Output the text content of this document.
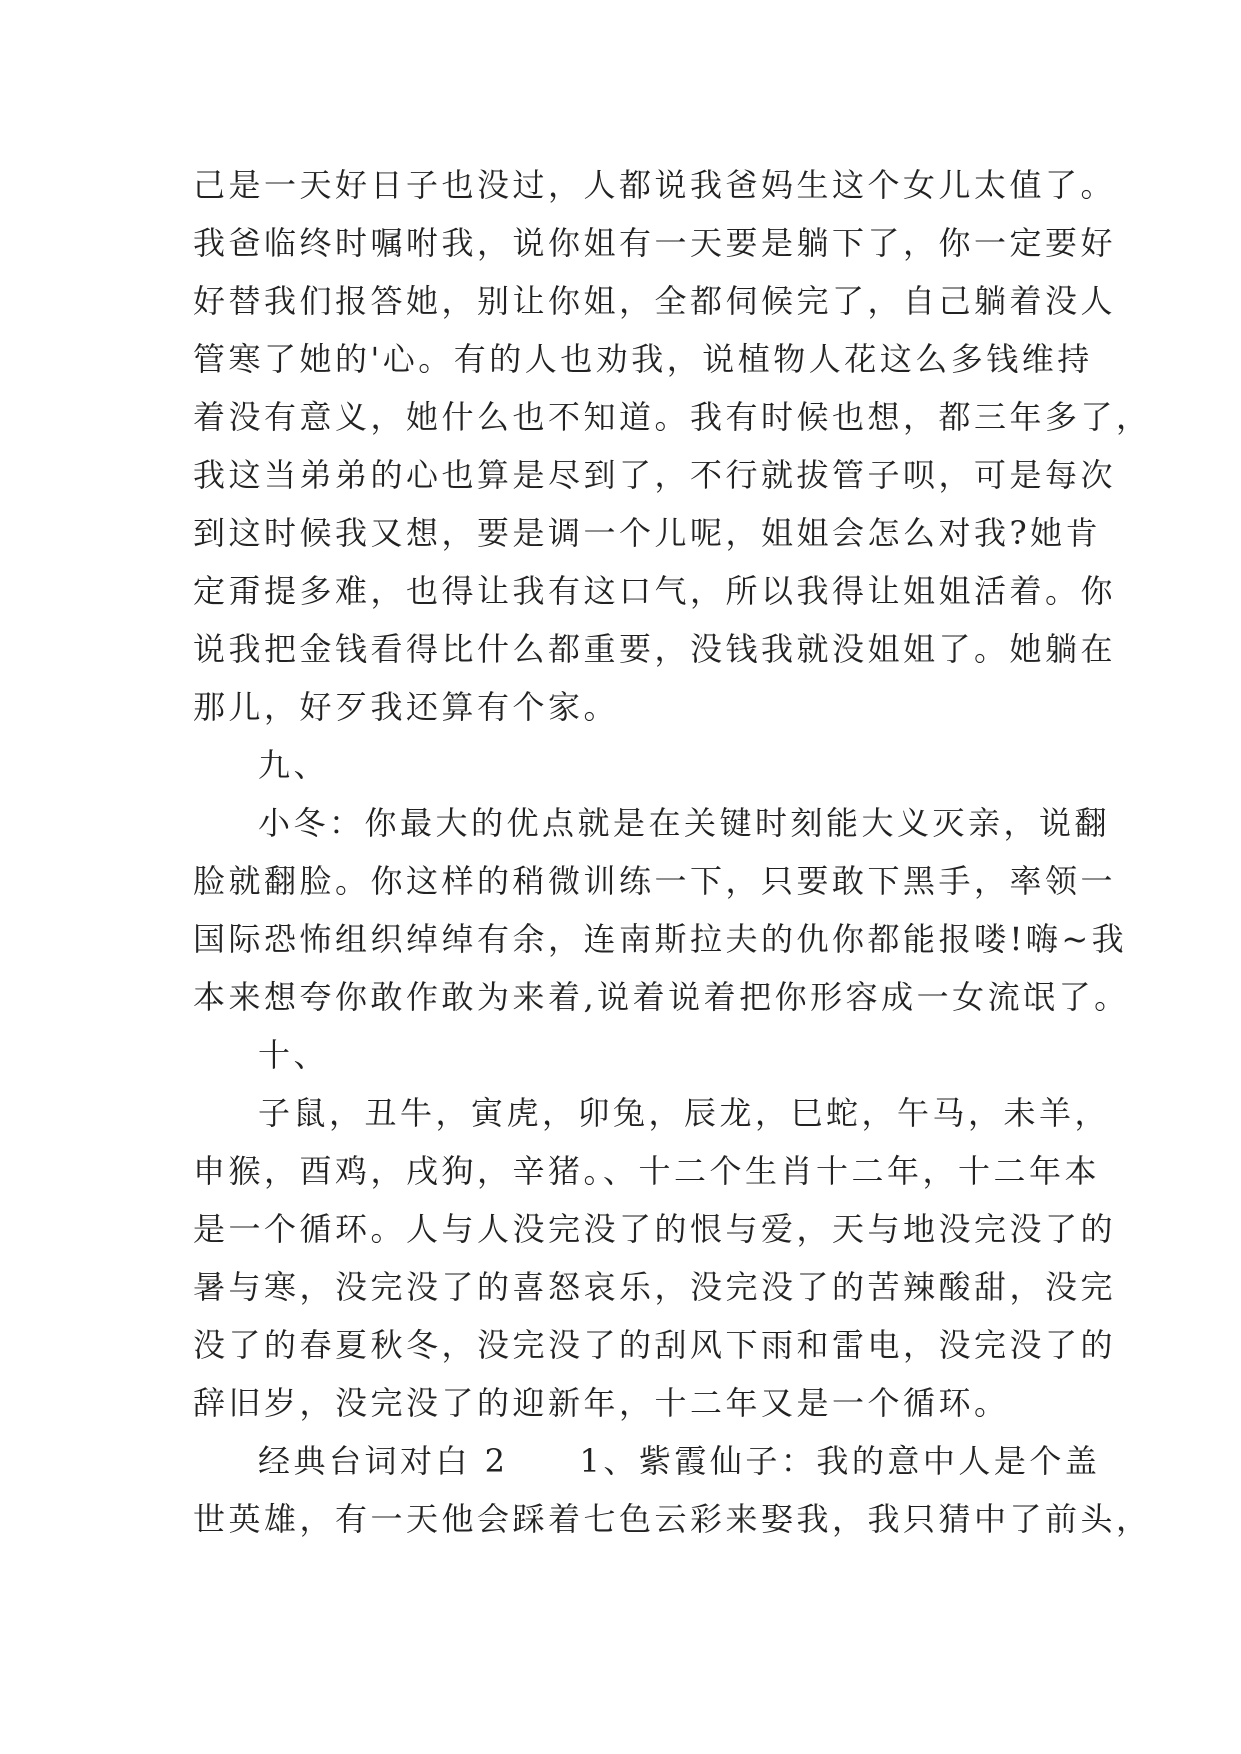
己是一天好日子也没过，人都说我爸妈生这个女儿太值了。
我爸临终时嘱咐我，说你姐有一天要是躺下了，你一定要好
好替我们报答她，别让你姐，全都伺候完了，自己躺着没人
管寒了她的'心。有的人也劝我，说植物人花这么多钱维持
着没有意义，她什么也不知道。我有时候也想，都三年多了，
我这当弟弟的心也算是尽到了，不行就拔管子呗，可是每次
到这时候我又想，要是调一个儿呢，姐姐会怎么对我?她肯
定甭提多难，也得让我有这口气，所以我得让姐姐活着。你
说我把金钱看得比什么都重要，没钱我就没姐姐了。她躺在
那儿，好歹我还算有个家。
九、
小冬：你最大的优点就是在关键时刻能大义灭亲，说翻
脸就翻脸。你这样的稍微训练一下，只要敢下黑手，率领一
国际恐怖组织绰绰有余，连南斯拉夫的仇你都能报喽!嗨~我
本来想夸你敢作敢为来着,说着说着把你形容成一女流氓了。
十、
子鼠，丑牛，寅虎，卯兔，辰龙，巳蛇，午马，未羊，
申猴，酉鸡，戌狗，辛猪。、十二个生肖十二年，十二年本
是一个循环。人与人没完没了的恨与爱，天与地没完没了的
暑与寒，没完没了的喜怒哀乐，没完没了的苦辣酸甜，没完
没了的春夏秋冬，没完没了的刮风下雨和雷电，没完没了的
辞旧岁，没完没了的迎新年，十二年又是一个循环。
经典台词对白 2　　1、紫霞仙子：我的意中人是个盖
世英雄，有一天他会踩着七色云彩来娶我，我只猜中了前头，
